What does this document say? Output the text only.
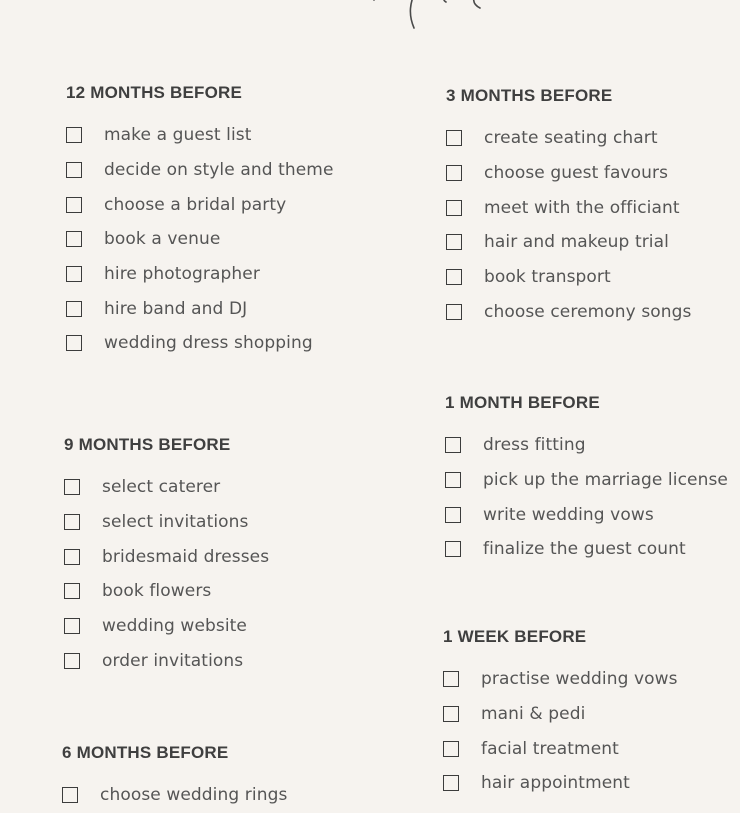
12 MONTHS BEFORE
make a guest list
decide on style and theme
choose a bridal party
book a venue
hire photographer
hire band and DJ
wedding dress shopping
3 MONTHS BEFORE
create seating chart
choose guest favours
meet with the officiant
hair and makeup trial
book transport
choose ceremony songs
1 MONTH BEFORE
dress fitting
pick up the marriage license
write wedding vows
finalize the guest count
9 MONTHS BEFORE
select caterer
select invitations
bridesmaid dresses
book flowers
wedding website
order invitations
1 WEEK BEFORE
practise wedding vows
mani & pedi
facial treatment
hair appointment
6 MONTHS BEFORE
choose wedding rings
